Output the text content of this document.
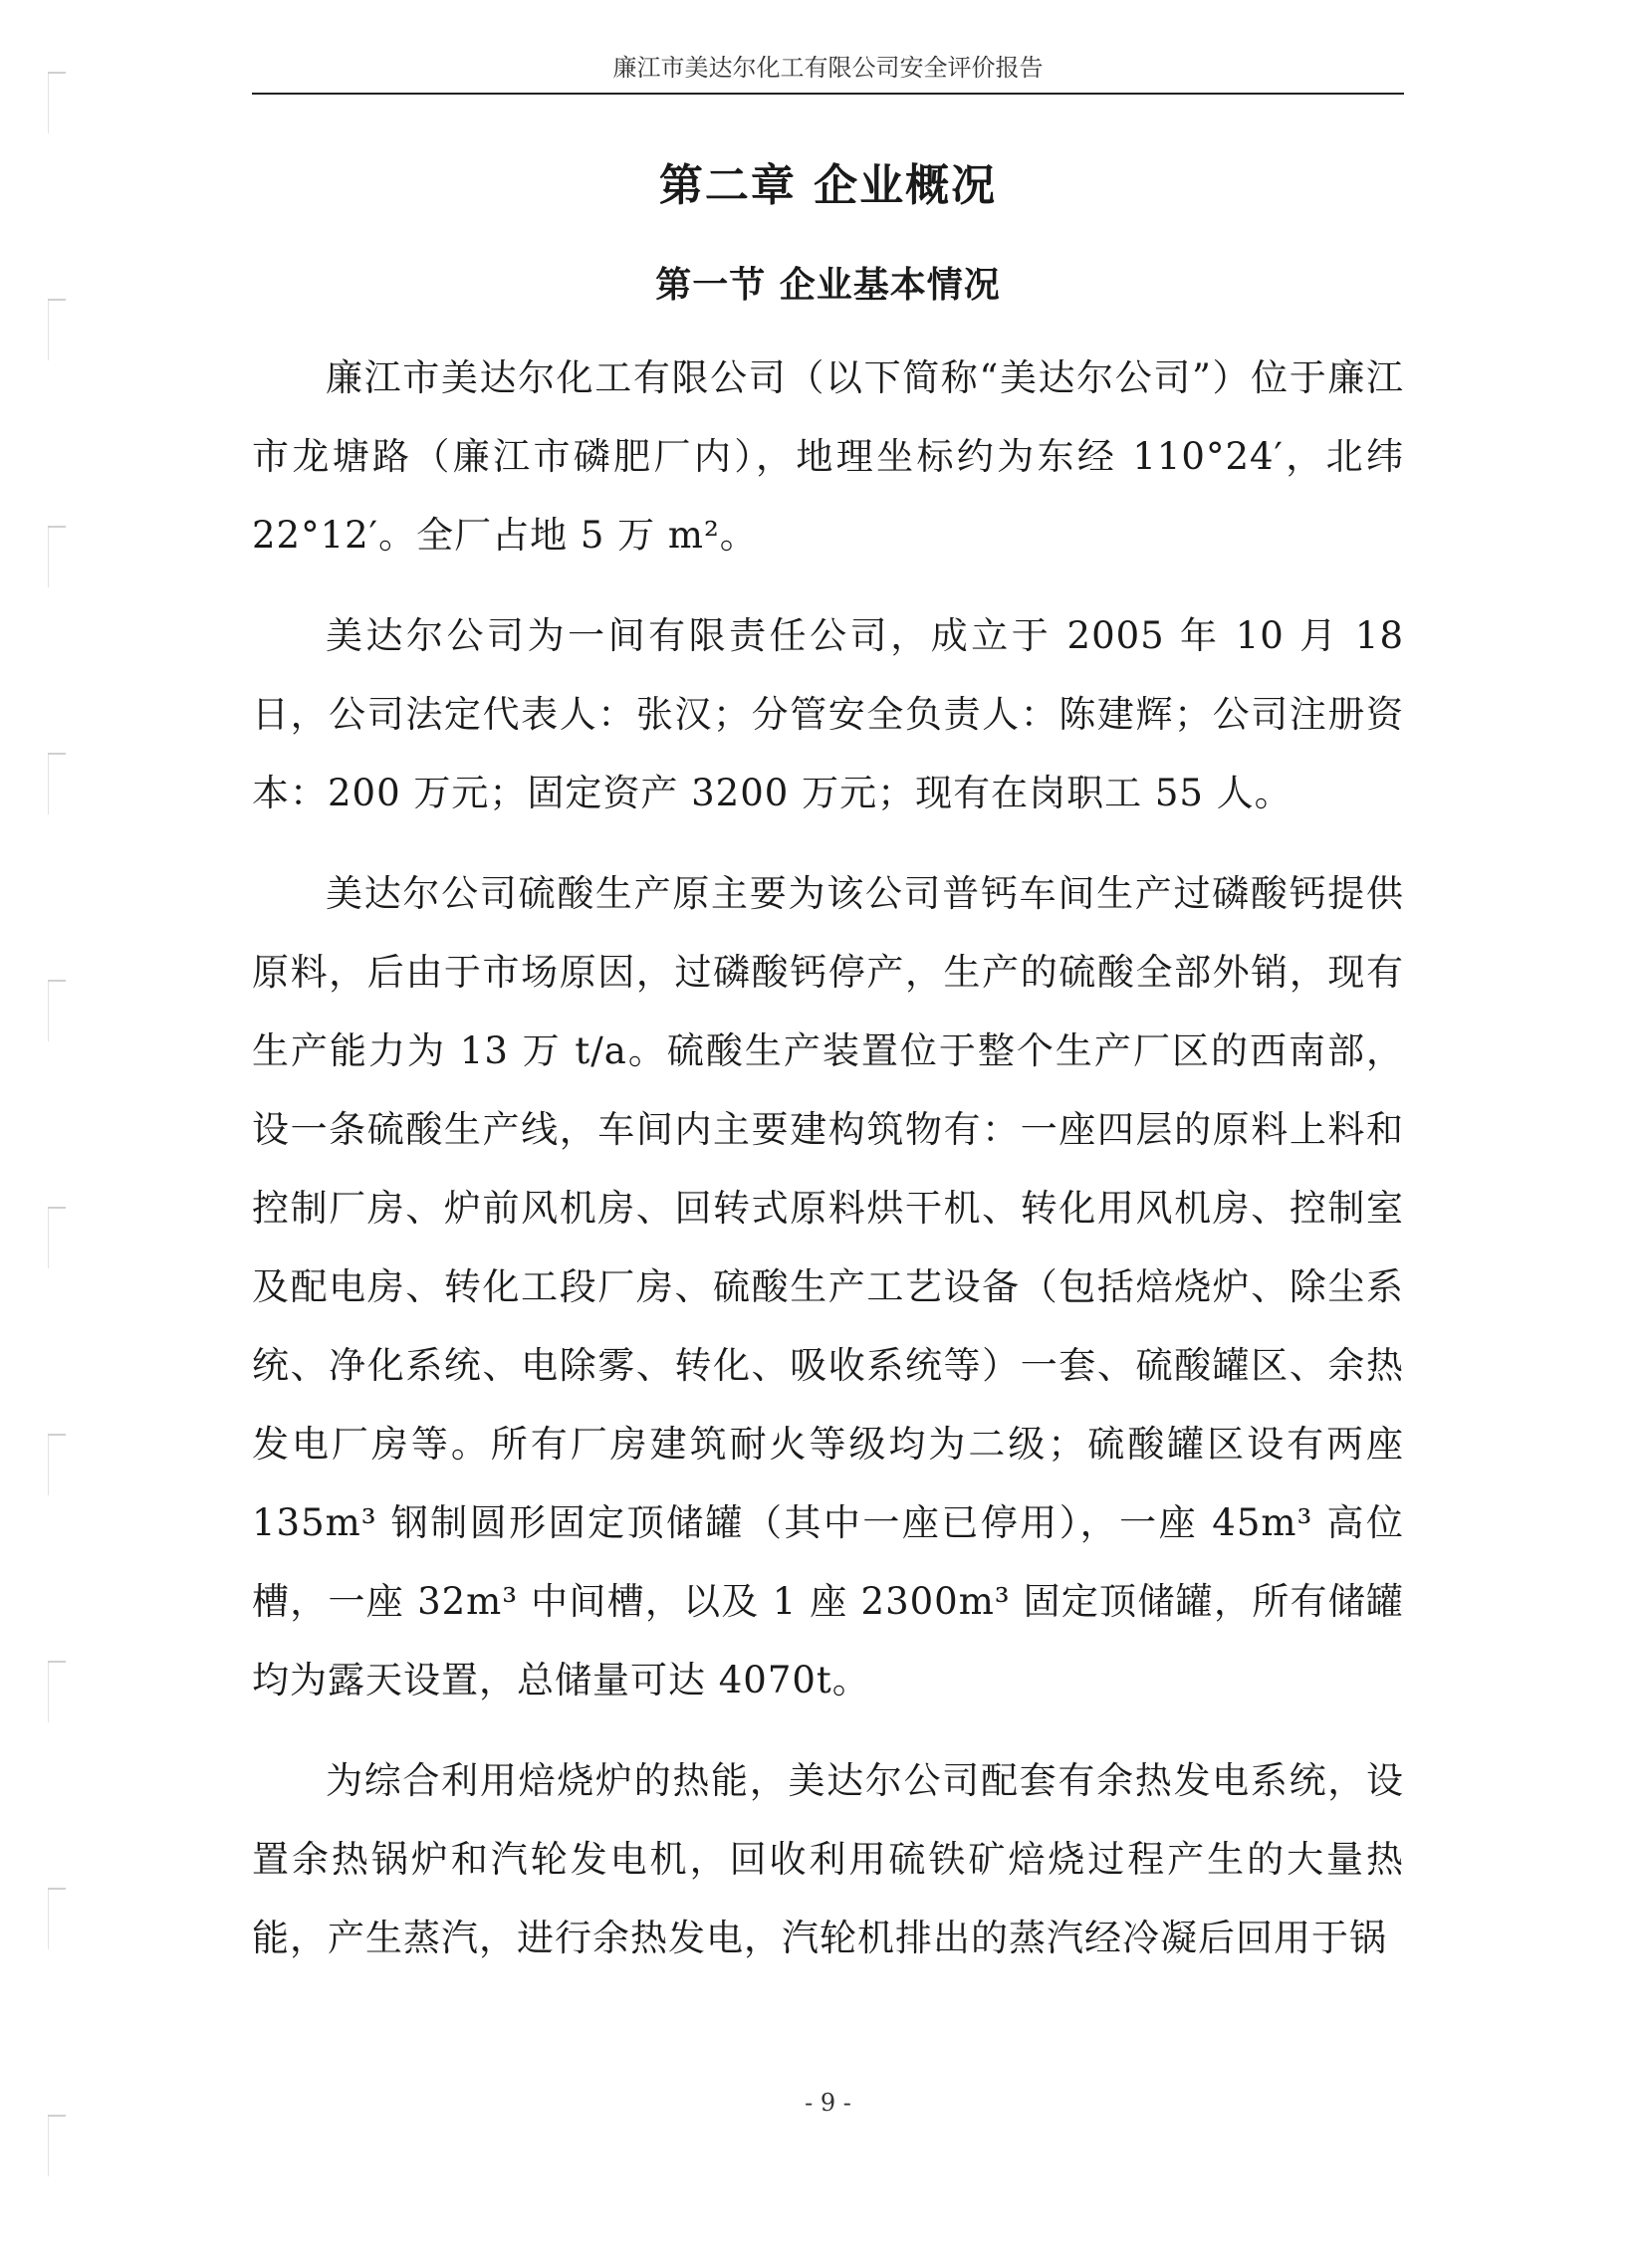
廉江市美达尔化工有限公司安全评价报告
第二章 企业概况
第一节 企业基本情况

廉江市美达尔化工有限公司（以下简称“美达尔公司”）位于廉江市龙塘路（廉江市磷肥厂内），地理坐标约为东经 110°24′，北纬 22°12′。全厂占地 5 万 m²。

美达尔公司为一间有限责任公司，成立于 2005 年 10 月 18 日，公司法定代表人：张汉；分管安全负责人：陈建辉；公司注册资本：200 万元；固定资产 3200 万元；现有在岗职工 55 人。

美达尔公司硫酸生产原主要为该公司普钙车间生产过磷酸钙提供原料，后由于市场原因，过磷酸钙停产，生产的硫酸全部外销，现有生产能力为 13 万 t/a。硫酸生产装置位于整个生产厂区的西南部，设一条硫酸生产线，车间内主要建构筑物有：一座四层的原料上料和控制厂房、炉前风机房、回转式原料烘干机、转化用风机房、控制室及配电房、转化工段厂房、硫酸生产工艺设备（包括焙烧炉、除尘系统、净化系统、电除雾、转化、吸收系统等）一套、硫酸罐区、余热发电厂房等。所有厂房建筑耐火等级均为二级；硫酸罐区设有两座 135m³ 钢制圆形固定顶储罐（其中一座已停用），一座 45m³ 高位槽，一座 32m³ 中间槽，以及 1 座 2300m³ 固定顶储罐，所有储罐均为露天设置，总储量可达 4070t。

为综合利用焙烧炉的热能，美达尔公司配套有余热发电系统，设置余热锅炉和汽轮发电机，回收利用硫铁矿焙烧过程产生的大量热能，产生蒸汽，进行余热发电，汽轮机排出的蒸汽经冷凝后回用于锅

- 9 -
